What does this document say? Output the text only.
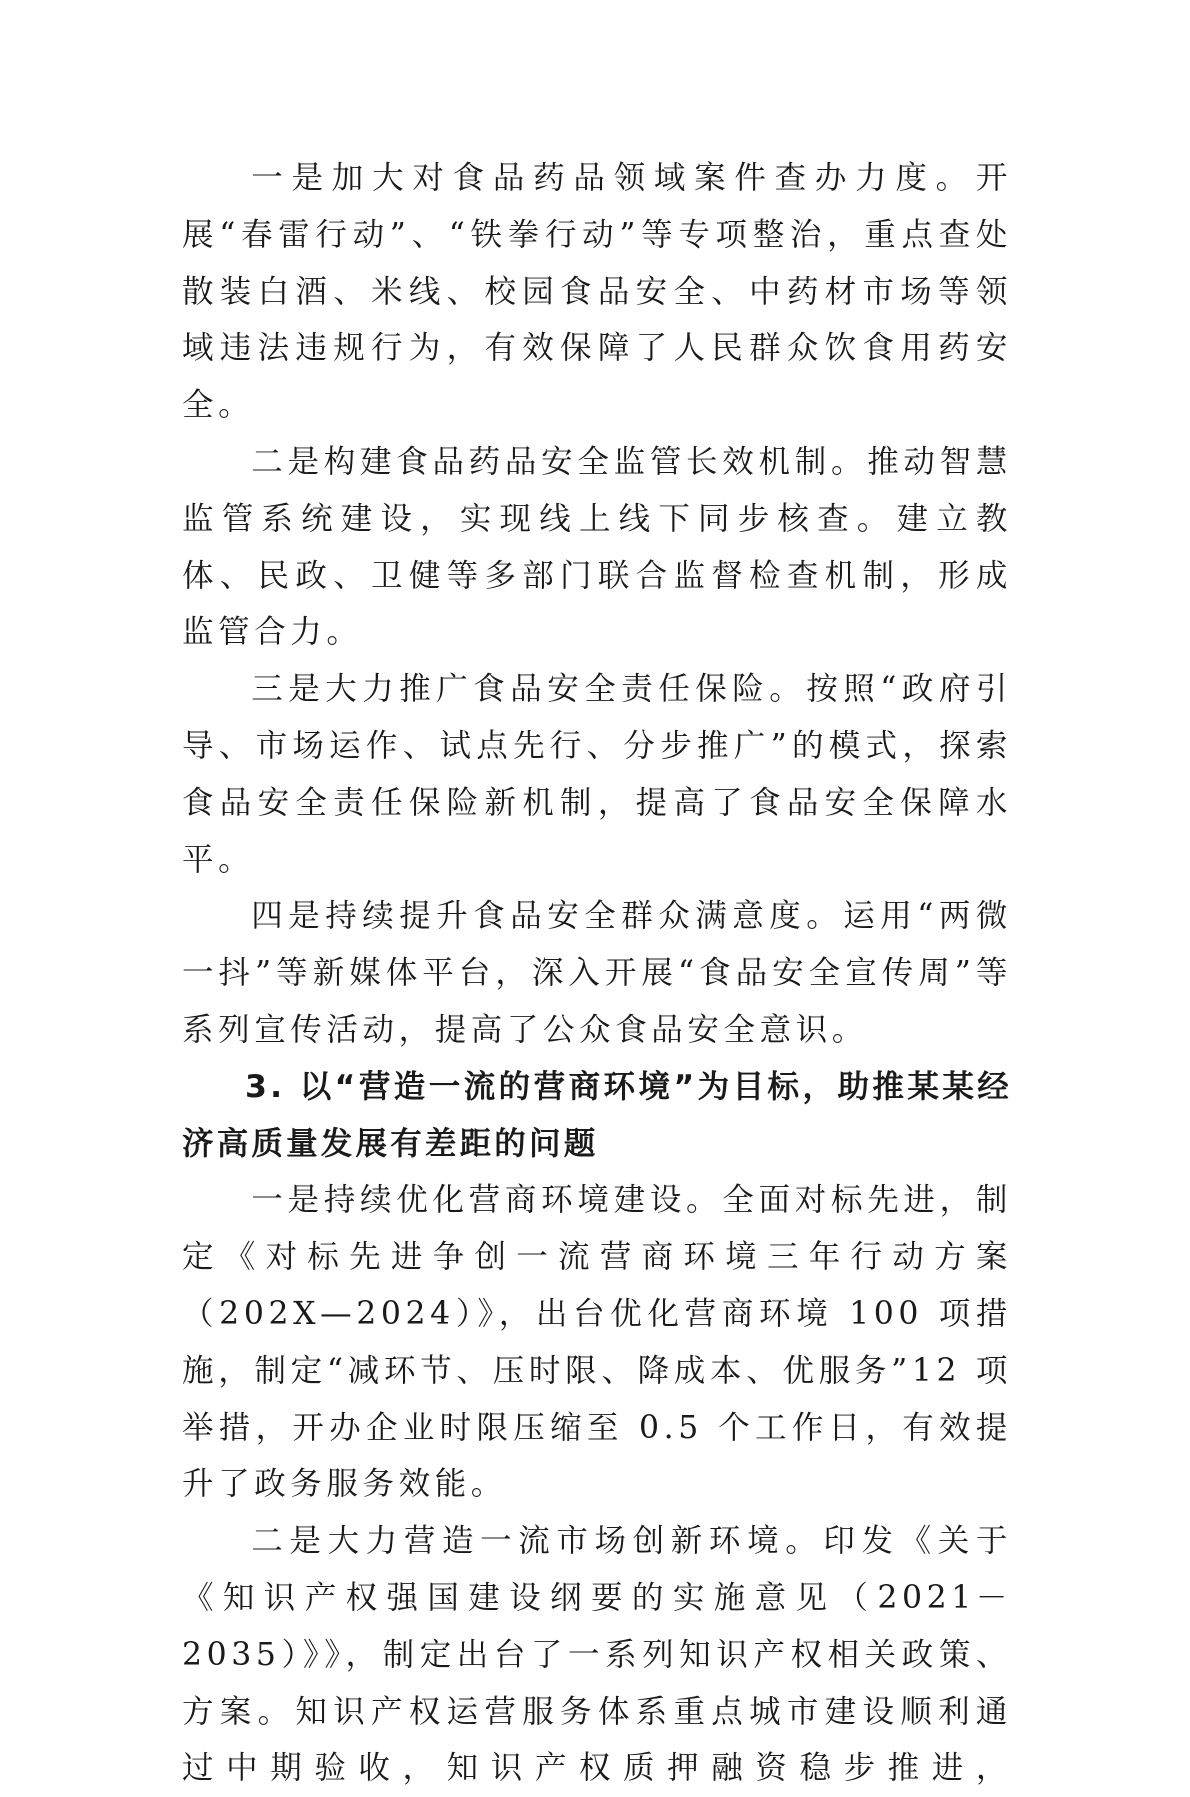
一是加大对食品药品领域案件查办力度。开展“春雷行动”、“铁拳行动”等专项整治，重点查处散装白酒、米线、校园食品安全、中药材市场等领域违法违规行为，有效保障了人民群众饮食用药安全。

二是构建食品药品安全监管长效机制。推动智慧监管系统建设，实现线上线下同步核查。建立教体、民政、卫健等多部门联合监督检查机制，形成监管合力。

三是大力推广食品安全责任保险。按照“政府引导、市场运作、试点先行、分步推广”的模式，探索食品安全责任保险新机制，提高了食品安全保障水平。

四是持续提升食品安全群众满意度。运用“两微一抖”等新媒体平台，深入开展“食品安全宣传周”等系列宣传活动，提高了公众食品安全意识。

3. 以“营造一流的营商环境”为目标，助推某某经济高质量发展有差距的问题

一是持续优化营商环境建设。全面对标先进，制定《对标先进争创一流营商环境三年行动方案（202X—2024）》，出台优化营商环境 100 项措施，制定“减环节、压时限、降成本、优服务”12 项举措，开办企业时限压缩至 0.5 个工作日，有效提升了政务服务效能。

二是大力营造一流市场创新环境。印发《关于《知识产权强国建设纲要的实施意见（2021－2035）》》，制定出台了一系列知识产权相关政策、方案。知识产权运营服务体系重点城市建设顺利通过中期验收，知识产权质押融资稳步推进，
